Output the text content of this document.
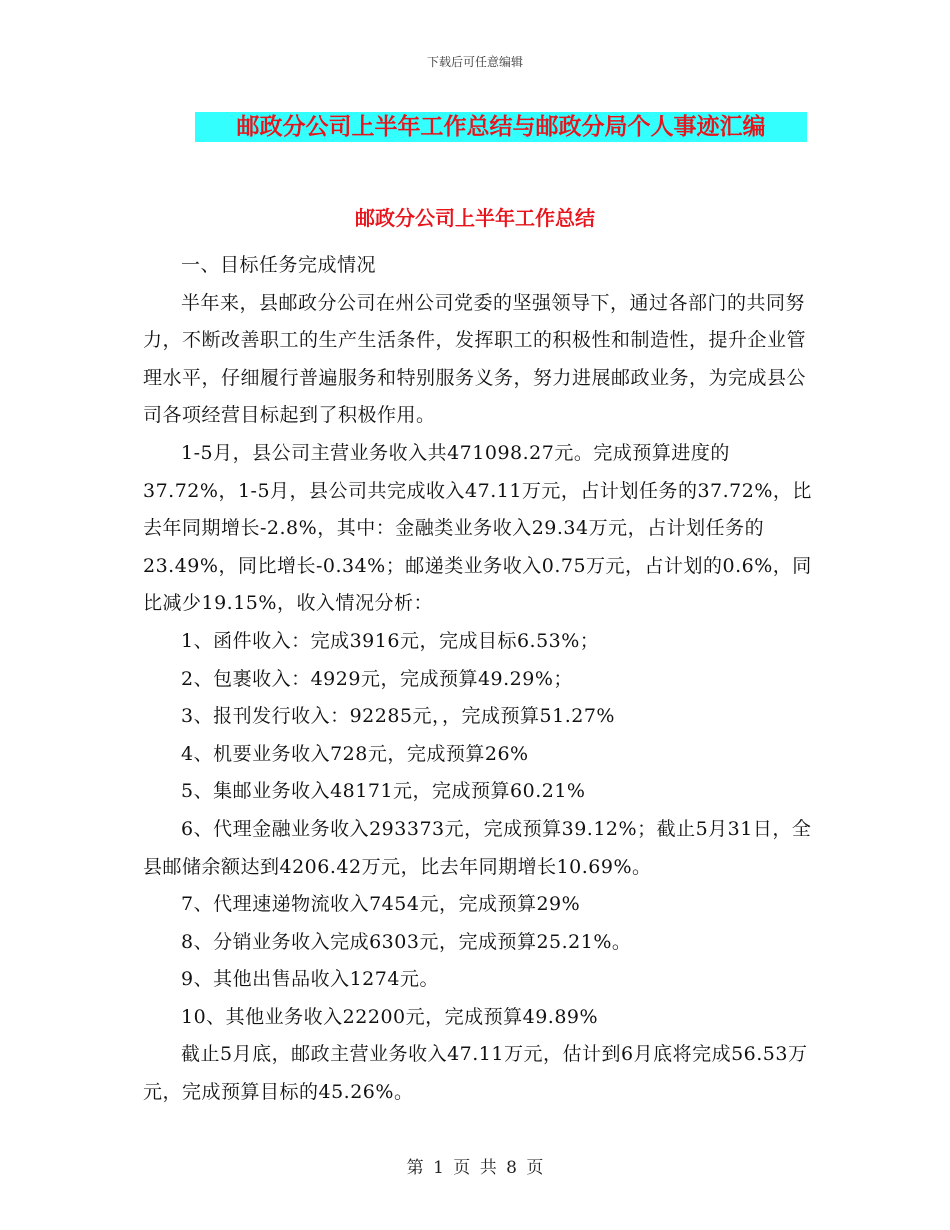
下载后可任意编辑
邮政分公司上半年工作总结与邮政分局个人事迹汇编
邮政分公司上半年工作总结

一、目标任务完成情况

半年来，县邮政分公司在州公司党委的坚强领导下，通过各部门的共同努力，不断改善职工的生产生活条件，发挥职工的积极性和制造性，提升企业管理水平，仔细履行普遍服务和特别服务义务，努力进展邮政业务，为完成县公司各项经营目标起到了积极作用。

1-5月，县公司主营业务收入共471098.27元。完成预算进度的37.72%，1-5月，县公司共完成收入47.11万元，占计划任务的37.72%，比去年同期增长-2.8%，其中：金融类业务收入29.34万元，占计划任务的23.49%，同比增长-0.34%；邮递类业务收入0.75万元，占计划的0.6%，同比减少19.15%，收入情况分析：

1、函件收入：完成3916元，完成目标6.53%；

2、包裹收入：4929元，完成预算49.29%；

3、报刊发行收入：92285元，，完成预算51.27%

4、机要业务收入728元，完成预算26%

5、集邮业务收入48171元，完成预算60.21%

6、代理金融业务收入293373元，完成预算39.12%；截止5月31日，全县邮储余额达到4206.42万元，比去年同期增长10.69%。

7、代理速递物流收入7454元，完成预算29%

8、分销业务收入完成6303元，完成预算25.21%。

9、其他出售品收入1274元。

10、其他业务收入22200元，完成预算49.89%

截止5月底，邮政主营业务收入47.11万元，估计到6月底将完成56.53万元，完成预算目标的45.26%。

第 1 页 共 8 页
